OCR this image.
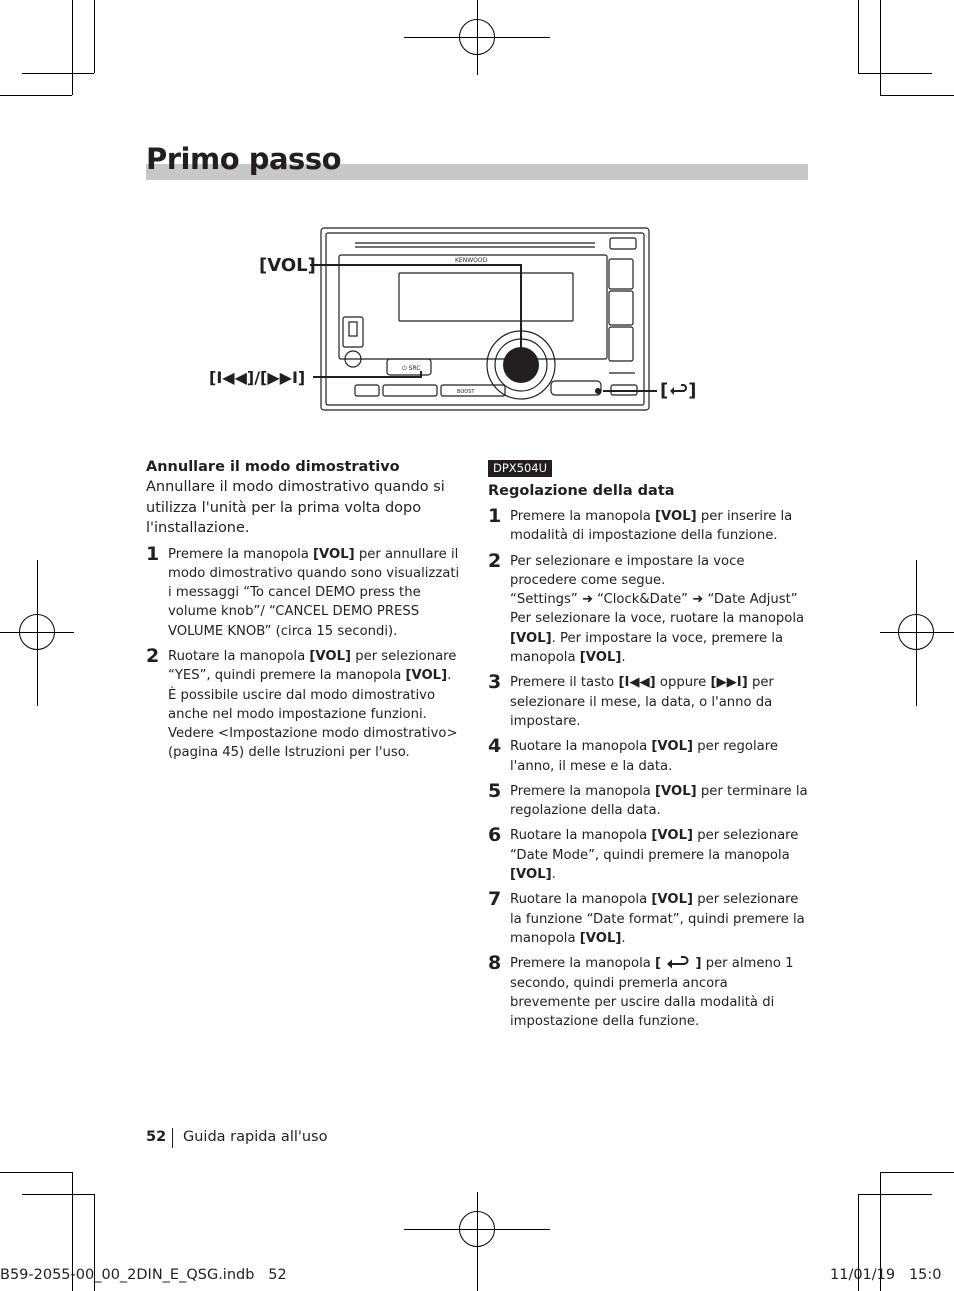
Primo passo
KENWOOD
⏻ SRC
BOOST
[VOL]
[I◀◀]/[▶▶I]
[ ]

Annullare il modo dimostrativo

Annullare il modo dimostrativo quando si utilizza l'unità per la prima volta dopo l'installazione.

1 Premere la manopola [VOL] per annullare il modo dimostrativo quando sono visualizzati i messaggi “To cancel DEMO press the volume knob”/ “CANCEL DEMO PRESS VOLUME KNOB” (circa 15 secondi).

2 Ruotare la manopola [VOL] per selezionare “YES”, quindi premere la manopola [VOL].

È possibile uscire dal modo dimostrativo anche nel modo impostazione funzioni. Vedere <Impostazione modo dimostrativo> (pagina 45) delle Istruzioni per l'uso.

DPX504U

Regolazione della data

1 Premere la manopola [VOL] per inserire la modalità di impostazione della funzione.

2 Per selezionare e impostare la voce procedere come segue.

“Settings” ➜ “Clock&Date” ➜ “Date Adjust”

Per selezionare la voce, ruotare la manopola [VOL]. Per impostare la voce, premere la manopola [VOL].

3 Premere il tasto [I◀◀] oppure [▶▶I] per selezionare il mese, la data, o l'anno da impostare.

4 Ruotare la manopola [VOL] per regolare l'anno, il mese e la data.

5 Premere la manopola [VOL] per terminare la regolazione della data.

6 Ruotare la manopola [VOL] per selezionare “Date Mode”, quindi premere la manopola [VOL].

7 Ruotare la manopola [VOL] per selezionare la funzione “Date format”, quindi premere la manopola [VOL].

8 Premere la manopola [	] per almeno 1 secondo, quindi premerla ancora brevemente per uscire dalla modalità di impostazione della funzione.

52 Guida rapida all'uso
B59-2055-00_00_2DIN_E_QSG.indb   52	11/01/19   15:0
